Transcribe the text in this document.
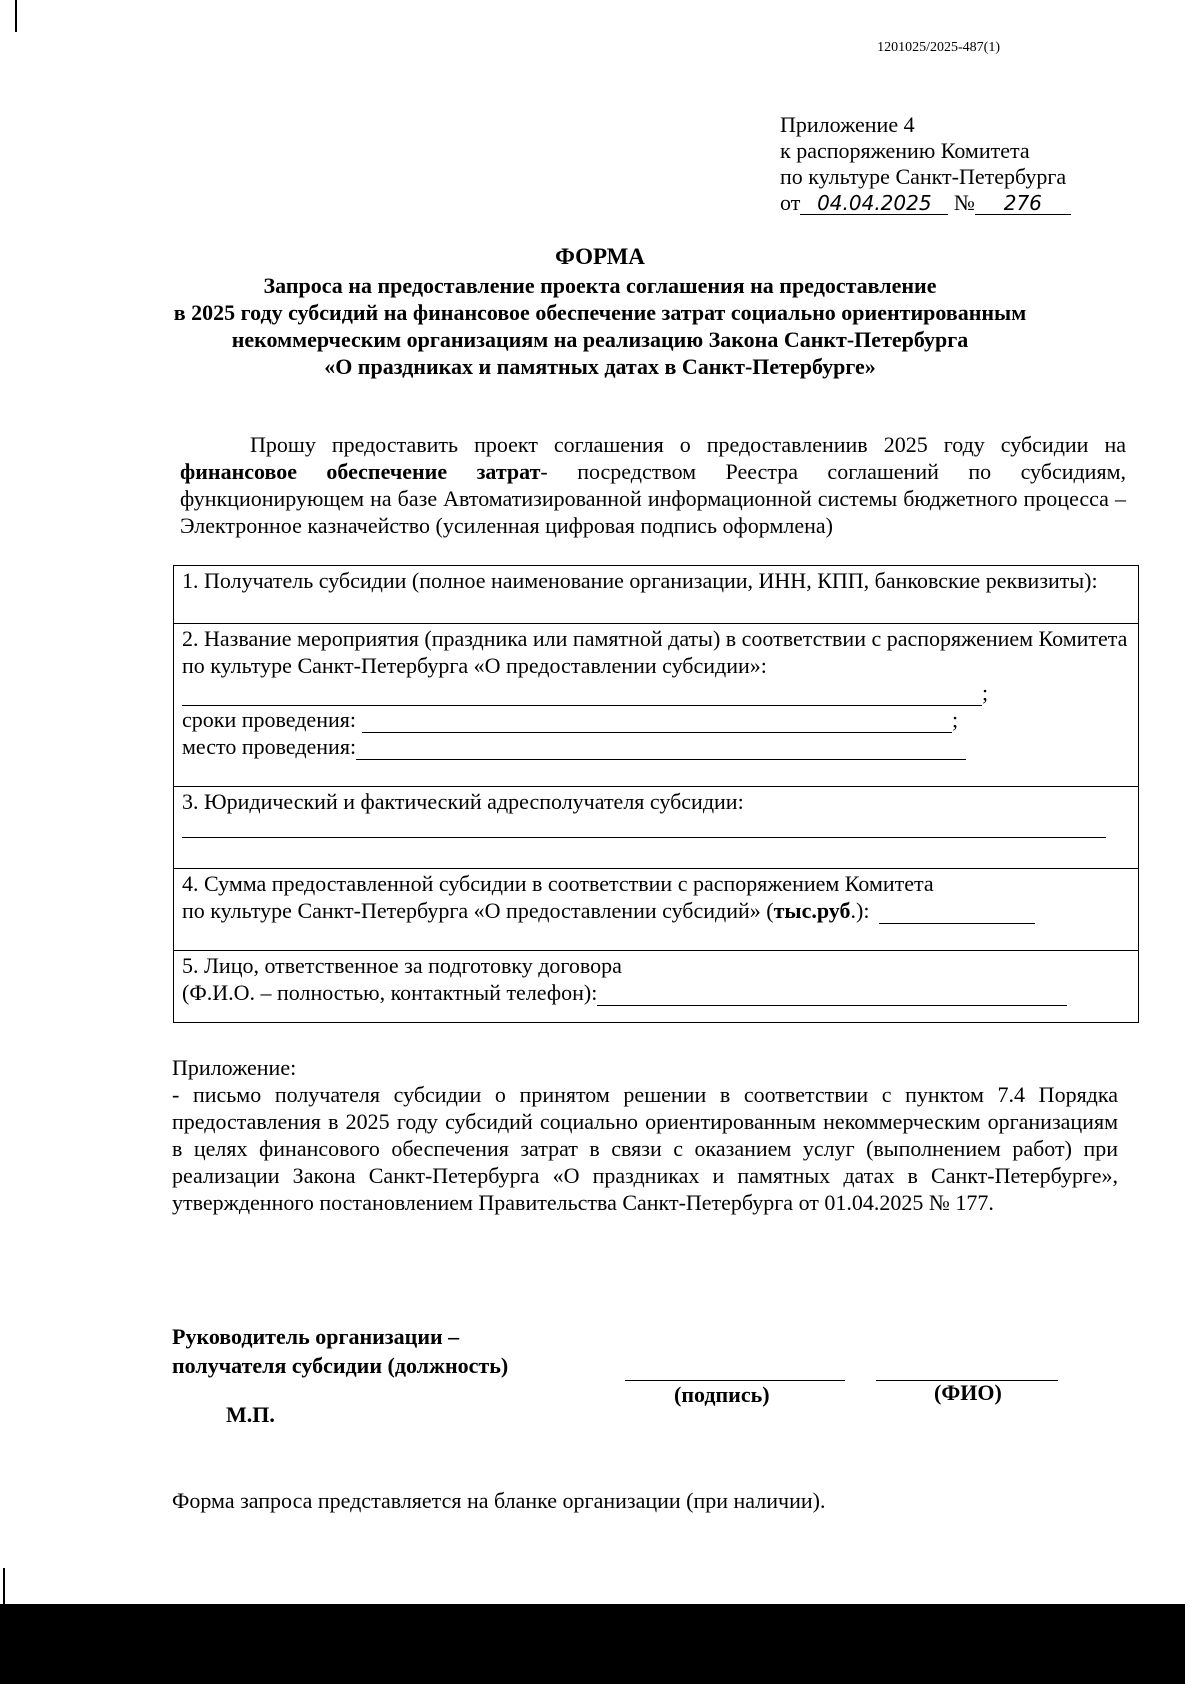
1201025/2025-487(1)
Приложение 4
к распоряжению Комитета
по культуре Санкт-Петербурга
от 04.04.2025 № 276
ФОРМА
Запроса на предоставление проекта соглашения на предоставление
в 2025 году субсидий на финансовое обеспечение затрат социально ориентированным
некоммерческим организациям на реализацию Закона Санкт-Петербурга
«О праздниках и памятных датах в Санкт-Петербурге»
Прошу предоставить проект соглашения о предоставлениив 2025 году субсидии на финансовое обеспечение затрат- посредством Реестра соглашений по субсидиям, функционирующем на базе Автоматизированной информационной системы бюджетного процесса – Электронное казначейство (усиленная цифровая подпись оформлена)
1. Получатель субсидии (полное наименование организации, ИНН, КПП, банковские реквизиты):
2. Название мероприятия (праздника или памятной даты) в соответствии с распоряжением Комитета по культуре Санкт-Петербурга «О предоставлении субсидии»:
;
сроки проведения:	;
место проведения:
3. Юридический и фактический адресполучателя субсидии:
4. Сумма предоставленной субсидии в соответствии с распоряжением Комитета
по культуре Санкт-Петербурга «О предоставлении субсидий» ( тыс.руб .):
5. Лицо, ответственное за подготовку договора
(Ф.И.О. – полностью, контактный телефон):
Приложение:
- письмо получателя субсидии о принятом решении в соответствии с пунктом 7.4 Порядка предоставления в 2025 году субсидий социально ориентированным некоммерческим организациям в целях финансового обеспечения затрат в связи с оказанием услуг (выполнением работ) при реализации Закона Санкт-Петербурга «О праздниках и памятных датах в Санкт-Петербурге», утвержденного постановлением Правительства Санкт-Петербурга от 01.04.2025 № 177.
Руководитель организации –
получателя субсидии (должность)
(подпись)	(ФИО)
М.П.
Форма запроса представляется на бланке организации (при наличии).
